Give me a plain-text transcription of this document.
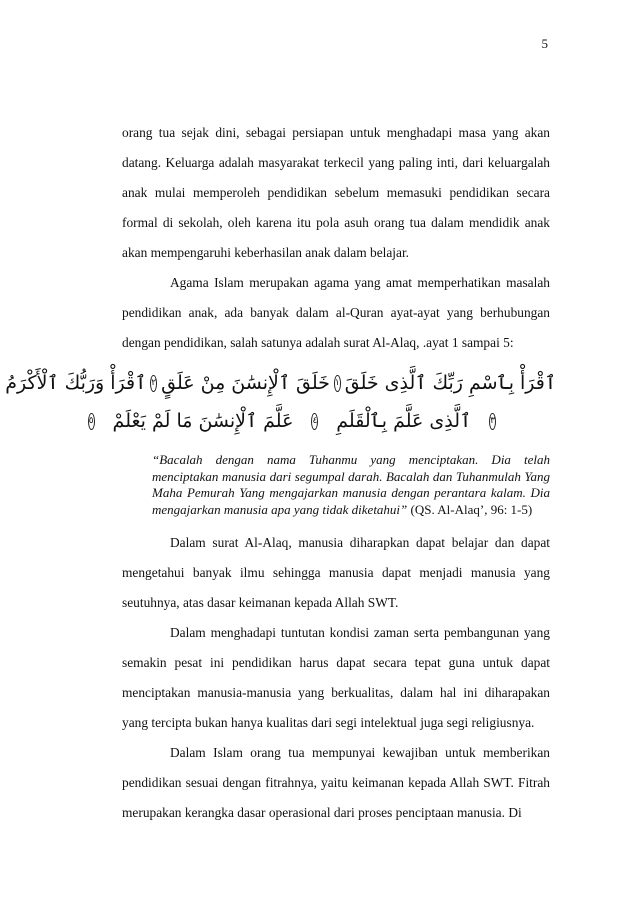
5

orang tua sejak dini, sebagai persiapan untuk menghadapi masa yang akan datang. Keluarga adalah masyarakat terkecil yang paling inti, dari keluargalah anak mulai memperoleh pendidikan sebelum memasuki pendidikan secara formal di sekolah, oleh karena itu pola asuh orang tua dalam mendidik anak akan mempengaruhi keberhasilan anak dalam belajar.

Agama Islam merupakan agama yang amat memperhatikan masalah pendidikan anak, ada banyak dalam al-Quran ayat-ayat yang berhubungan dengan pendidikan, salah satunya adalah surat Al-Alaq, .ayat 1 sampai 5:

ٱقْرَأْ بِٱسْمِ رَبِّكَ ٱلَّذِى خَلَقَ
١
خَلَقَ ٱلْإِنسَٰنَ مِنْ عَلَقٍ
٢
ٱقْرَأْ وَرَبُّكَ ٱلْأَكْرَمُ
٣
ٱلَّذِى عَلَّمَ بِٱلْقَلَمِ
٤
عَلَّمَ ٱلْإِنسَٰنَ مَا لَمْ يَعْلَمْ
٥

“Bacalah dengan nama Tuhanmu yang menciptakan. Dia telah menciptakan manusia dari segumpal darah. Bacalah dan Tuhanmulah Yang Maha Pemurah Yang mengajarkan manusia dengan perantara kalam. Dia mengajarkan manusia apa yang tidak diketahui” (QS. Al-Alaq’, 96: 1-5)

Dalam surat Al-Alaq, manusia diharapkan dapat belajar dan dapat mengetahui banyak ilmu sehingga manusia dapat menjadi manusia yang seutuhnya, atas dasar keimanan kepada Allah SWT.

Dalam menghadapi tuntutan kondisi zaman serta pembangunan yang semakin pesat ini pendidikan harus dapat secara tepat guna untuk dapat menciptakan manusia-manusia yang berkualitas, dalam hal ini diharapakan yang tercipta bukan hanya kualitas dari segi intelektual juga segi religiusnya.

Dalam Islam orang tua mempunyai kewajiban untuk memberikan pendidikan sesuai dengan fitrahnya, yaitu keimanan kepada Allah SWT. Fitrah merupakan kerangka dasar operasional dari proses penciptaan manusia. Di
